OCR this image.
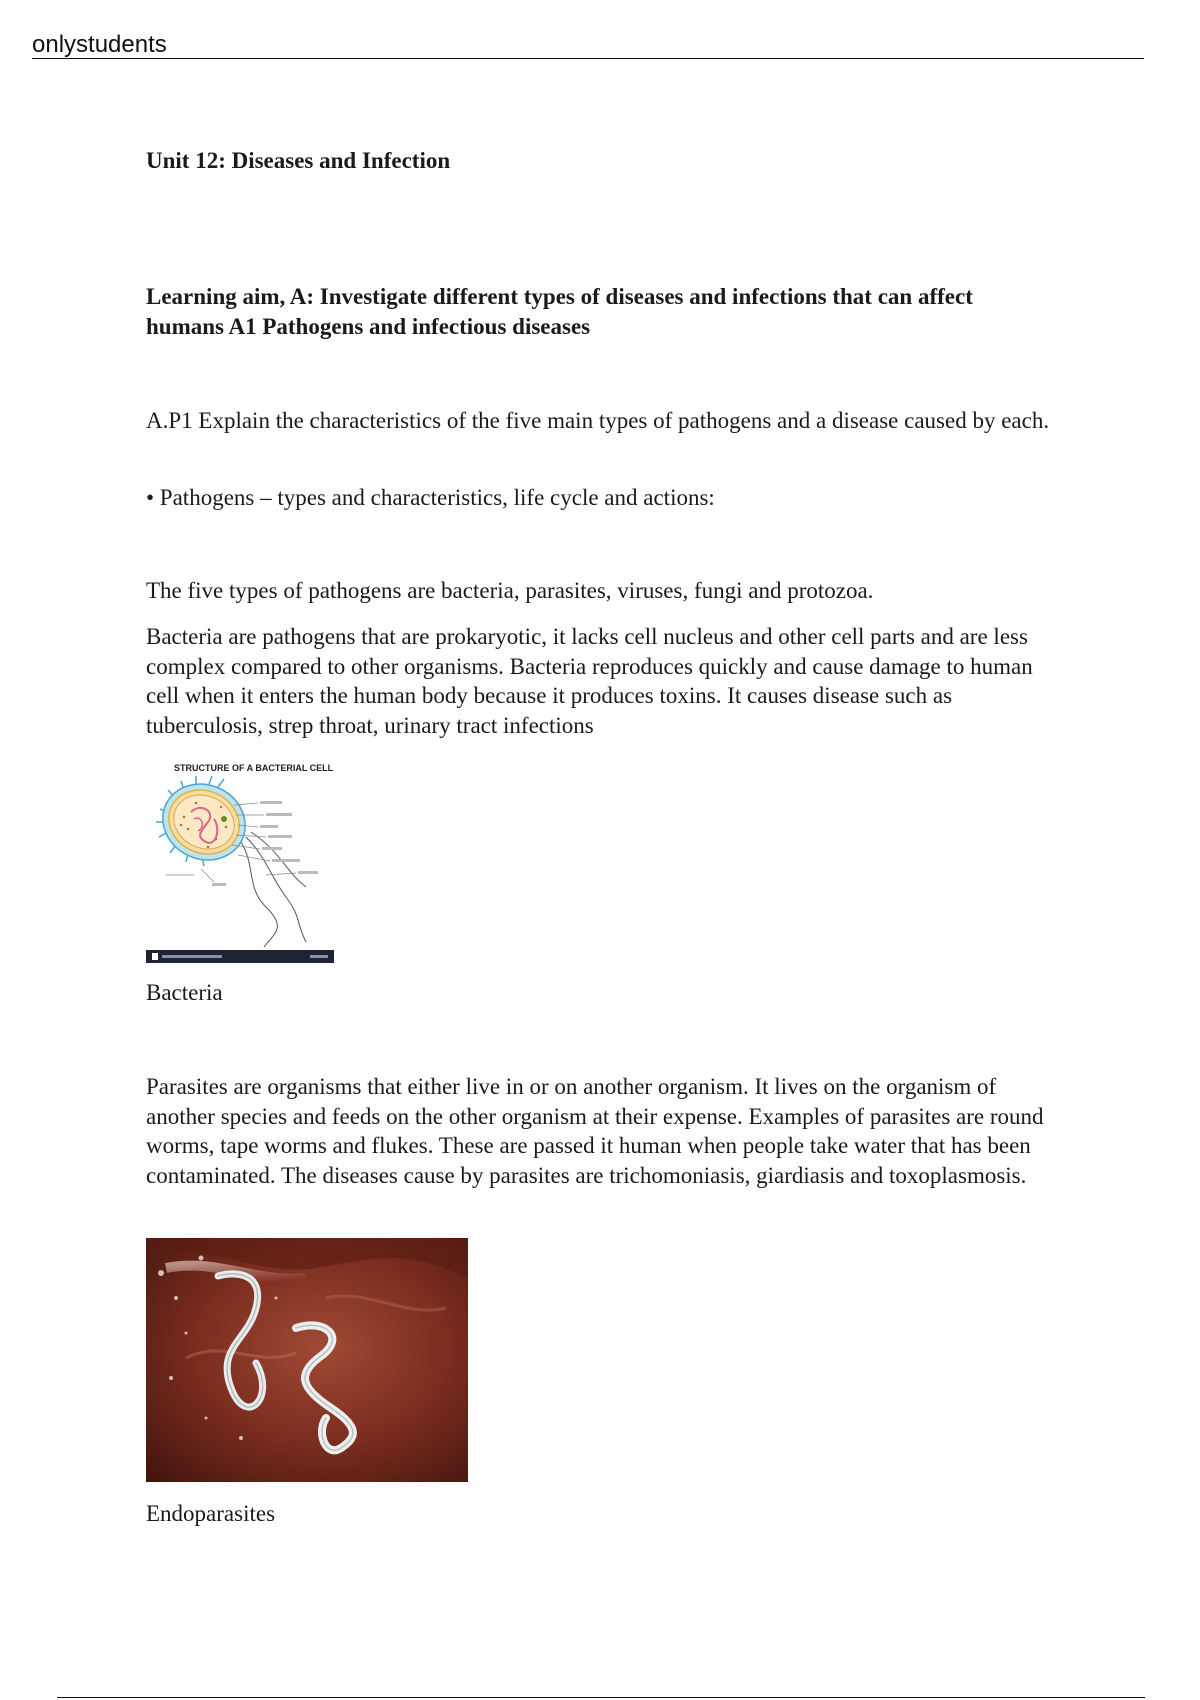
onlystudents

Unit 12: Diseases and Infection

Learning aim, A: Investigate different types of diseases and infections that can affect humans A1 Pathogens and infectious diseases

A.P1 Explain the characteristics of the five main types of pathogens and a disease caused by each.

• Pathogens – types and characteristics, life cycle and actions:

The five types of pathogens are bacteria, parasites, viruses, fungi and protozoa.

Bacteria are pathogens that are prokaryotic, it lacks cell nucleus and other cell parts and are less complex compared to other organisms. Bacteria reproduces quickly and cause damage to human cell when it enters the human body because it produces toxins. It causes disease such as tuberculosis, strep throat, urinary tract infections

STRUCTURE OF A BACTERIAL CELL

Bacteria

Parasites are organisms that either live in or on another organism. It lives on the organism of another species and feeds on the other organism at their expense. Examples of parasites are round worms, tape worms and flukes. These are passed it human when people take water that has been contaminated. The diseases cause by parasites are trichomoniasis, giardiasis and toxoplasmosis.

Endoparasites
